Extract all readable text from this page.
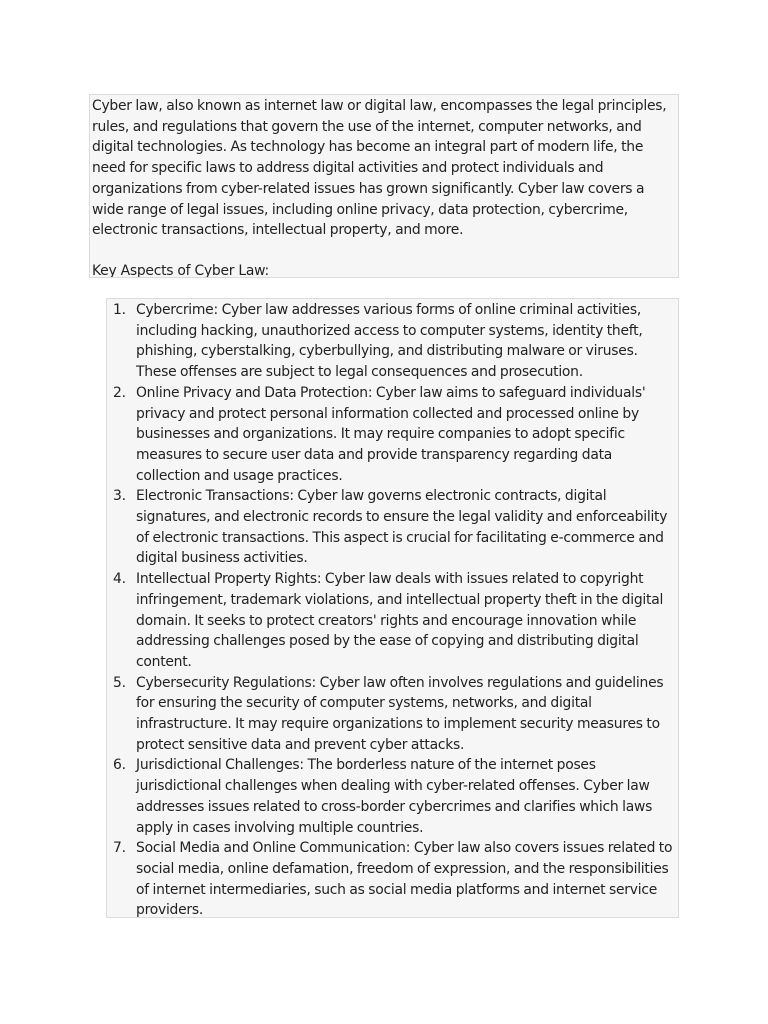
Cyber law, also known as internet law or digital law, encompasses the legal principles, rules, and regulations that govern the use of the internet, computer networks, and digital technologies. As technology has become an integral part of modern life, the need for specific laws to address digital activities and protect individuals and organizations from cyber-related issues has grown significantly. Cyber law covers a wide range of legal issues, including online privacy, data protection, cybercrime, electronic transactions, intellectual property, and more.

Key Aspects of Cyber Law:

1. Cybercrime: Cyber law addresses various forms of online criminal activities, including hacking, unauthorized access to computer systems, identity theft, phishing, cyberstalking, cyberbullying, and distributing malware or viruses. These offenses are subject to legal consequences and prosecution.
2. Online Privacy and Data Protection: Cyber law aims to safeguard individuals' privacy and protect personal information collected and processed online by businesses and organizations. It may require companies to adopt specific measures to secure user data and provide transparency regarding data collection and usage practices.
3. Electronic Transactions: Cyber law governs electronic contracts, digital signatures, and electronic records to ensure the legal validity and enforceability of electronic transactions. This aspect is crucial for facilitating e-commerce and digital business activities.
4. Intellectual Property Rights: Cyber law deals with issues related to copyright infringement, trademark violations, and intellectual property theft in the digital domain. It seeks to protect creators' rights and encourage innovation while addressing challenges posed by the ease of copying and distributing digital content.
5. Cybersecurity Regulations: Cyber law often involves regulations and guidelines for ensuring the security of computer systems, networks, and digital infrastructure. It may require organizations to implement security measures to protect sensitive data and prevent cyber attacks.
6. Jurisdictional Challenges: The borderless nature of the internet poses jurisdictional challenges when dealing with cyber-related offenses. Cyber law addresses issues related to cross-border cybercrimes and clarifies which laws apply in cases involving multiple countries.
7. Social Media and Online Communication: Cyber law also covers issues related to social media, online defamation, freedom of expression, and the responsibilities of internet intermediaries, such as social media platforms and internet service providers.
